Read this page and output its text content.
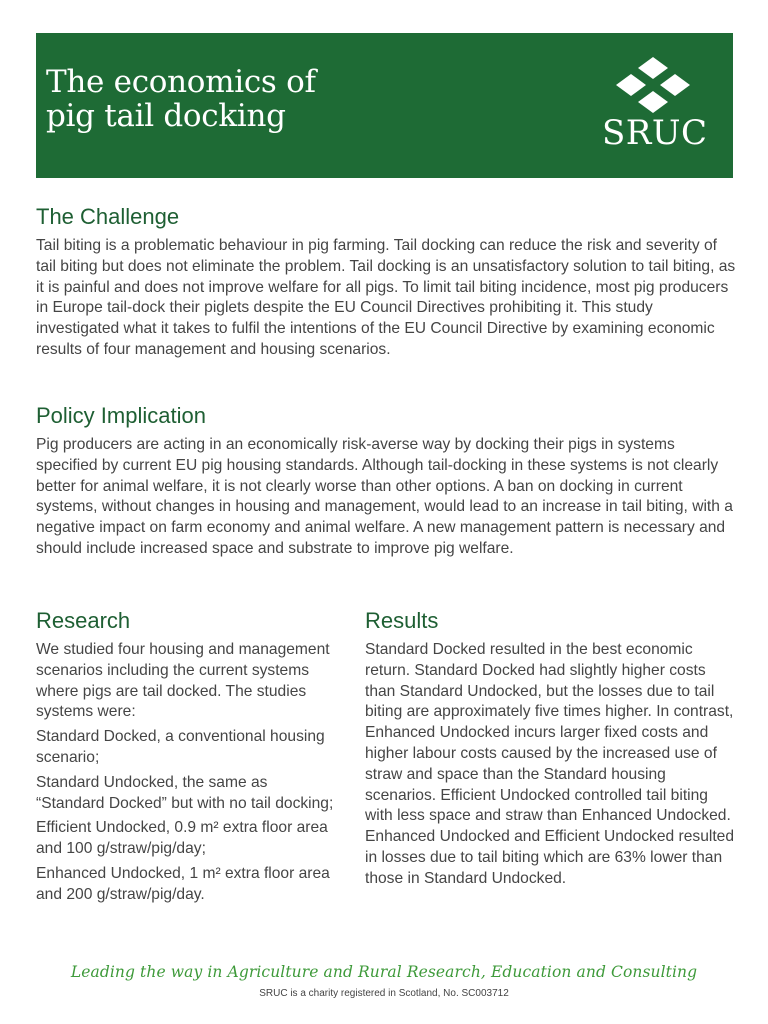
The economics of
pig tail docking	SRUC
The Challenge

Tail biting is a problematic behaviour in pig farming. Tail docking can reduce the risk and severity of tail biting but does not eliminate the problem. Tail docking is an unsatisfactory solution to tail biting, as it is painful and does not improve welfare for all pigs. To limit tail biting incidence, most pig producers in Europe tail-dock their piglets despite the EU Council Directives prohibiting it. This study investigated what it takes to fulfil the intentions of the EU Council Directive by examining economic results of four management and housing scenarios.

Policy Implication

Pig producers are acting in an economically risk-averse way by docking their pigs in systems specified by current EU pig housing standards. Although tail-docking in these systems is not clearly better for animal welfare, it is not clearly worse than other options. A ban on docking in current systems, without changes in housing and management, would lead to an increase in tail biting, with a negative impact on farm economy and animal welfare. A new management pattern is necessary and should include increased space and substrate to improve pig welfare.

Research

We studied four housing and management scenarios including the current systems where pigs are tail docked. The studies systems were:

Standard Docked, a conventional housing scenario;

Standard Undocked, the same as “Standard Docked” but with no tail docking;

Efficient Undocked, 0.9 m² extra floor area and 100 g/straw/pig/day;

Enhanced Undocked, 1 m² extra floor area and 200 g/straw/pig/day.

Results

Standard Docked resulted in the best economic return. Standard Docked had slightly higher costs than Standard Undocked, but the losses due to tail biting are approximately five times higher. In contrast, Enhanced Undocked incurs larger fixed costs and higher labour costs caused by the increased use of straw and space than the Standard housing scenarios. Efficient Undocked controlled tail biting with less space and straw than Enhanced Undocked. Enhanced Undocked and Efficient Undocked resulted in losses due to tail biting which are 63% lower than those in Standard Undocked.

Leading the way in Agriculture and Rural Research, Education and Consulting
SRUC is a charity registered in Scotland, No. SC003712
